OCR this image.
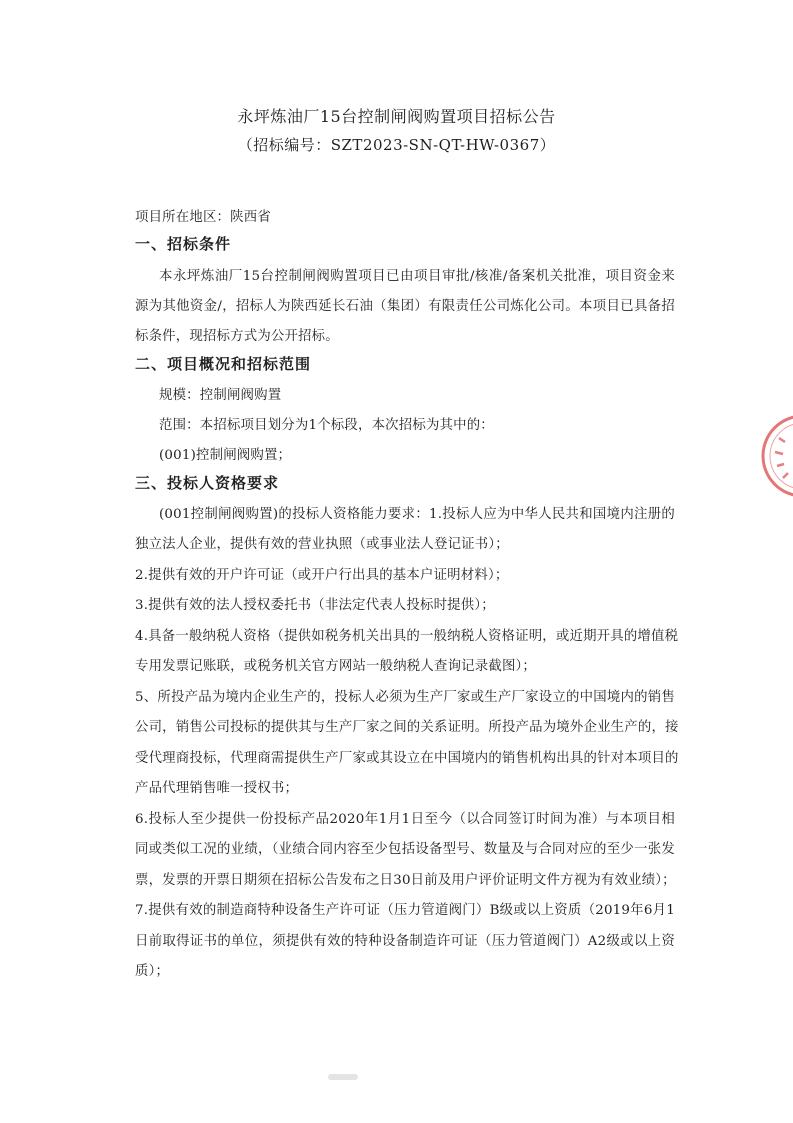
永坪炼油厂15台控制闸阀购置项目招标公告
（招标编号：SZT2023-SN-QT-HW-0367）
项目所在地区：陕西省
一、招标条件
本永坪炼油厂15台控制闸阀购置项目已由项目审批/核准/备案机关批准，项目资金来
源为其他资金/，招标人为陕西延长石油（集团）有限责任公司炼化公司。本项目已具备招
标条件，现招标方式为公开招标。
二、项目概况和招标范围
规模：控制闸阀购置
范围：本招标项目划分为1个标段，本次招标为其中的：
(001)控制闸阀购置；
三、投标人资格要求
(001控制闸阀购置)的投标人资格能力要求：1.投标人应为中华人民共和国境内注册的
独立法人企业，提供有效的营业执照（或事业法人登记证书）；
2.提供有效的开户许可证（或开户行出具的基本户证明材料）；
3.提供有效的法人授权委托书（非法定代表人投标时提供）；
4.具备一般纳税人资格（提供如税务机关出具的一般纳税人资格证明，或近期开具的增值税
专用发票记账联，或税务机关官方网站一般纳税人查询记录截图）；
5、所投产品为境内企业生产的，投标人必须为生产厂家或生产厂家设立的中国境内的销售
公司，销售公司投标的提供其与生产厂家之间的关系证明。所投产品为境外企业生产的，接
受代理商投标，代理商需提供生产厂家或其设立在中国境内的销售机构出具的针对本项目的
产品代理销售唯一授权书；
6.投标人至少提供一份投标产品2020年1月1日至今（以合同签订时间为准）与本项目相
同或类似工况的业绩，（业绩合同内容至少包括设备型号、数量及与合同对应的至少一张发
票，发票的开票日期须在招标公告发布之日30日前及用户评价证明文件方视为有效业绩）；
7.提供有效的制造商特种设备生产许可证（压力管道阀门）B级或以上资质（2019年6月1
日前取得证书的单位，须提供有效的特种设备制造许可证（压力管道阀门）A2级或以上资
质）；
